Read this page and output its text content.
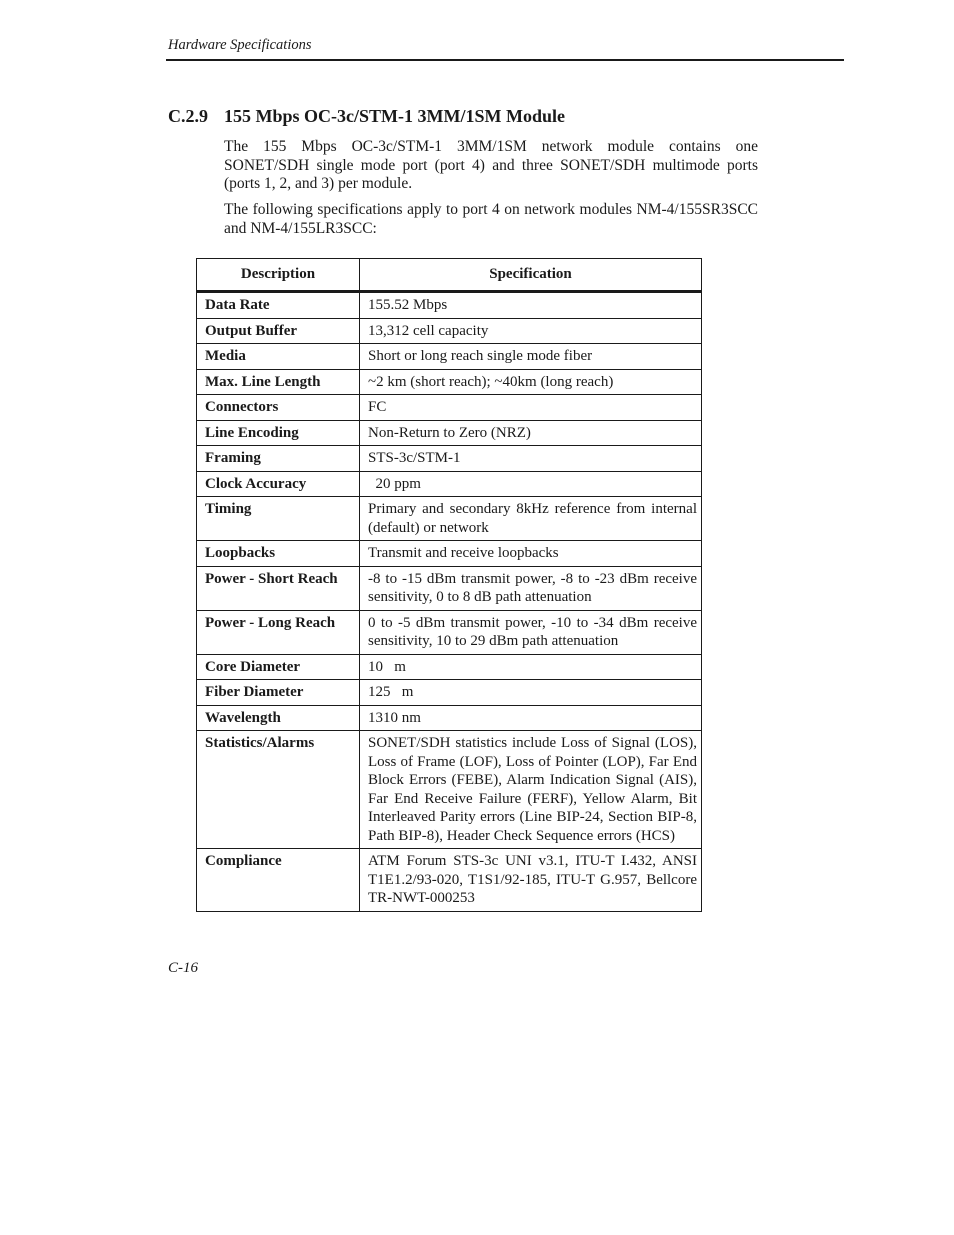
Hardware Specifications
C.2.9 155 Mbps OC-3c/STM-1 3MM/1SM Module

The 155 Mbps OC-3c/STM-1 3MM/1SM network module contains one SONET/SDH single mode port (port 4) and three SONET/SDH multimode ports (ports 1, 2, and 3) per module.

The following specifications apply to port 4 on network modules NM-4/155SR3SCC and NM-4/155LR3SCC:

Description	Specification
Data Rate	155.52 Mbps
Output Buffer	13,312 cell capacity
Media	Short or long reach single mode fiber
Max. Line Length	~2 km (short reach); ~40km (long reach)
Connectors	FC
Line Encoding	Non-Return to Zero (NRZ)
Framing	STS-3c/STM-1
Clock Accuracy	20 ppm
Timing	Primary and secondary 8kHz reference from internal (default) or network
Loopbacks	Transmit and receive loopbacks
Power - Short Reach	-8 to -15 dBm transmit power, -8 to -23 dBm receive sensitivity, 0 to 8 dB path attenuation
Power - Long Reach	0 to -5 dBm transmit power, -10 to -34 dBm receive sensitivity, 10 to 29 dBm path attenuation
Core Diameter	10   m
Fiber Diameter	125   m
Wavelength	1310 nm
Statistics/Alarms	SONET/SDH statistics include Loss of Signal (LOS), Loss of Frame (LOF), Loss of Pointer (LOP), Far End Block Errors (FEBE), Alarm Indication Signal (AIS), Far End Receive Failure (FERF), Yellow Alarm, Bit Interleaved Parity errors (Line BIP-24, Section BIP-8, Path BIP-8), Header Check Sequence errors (HCS)
Compliance	ATM Forum STS-3c UNI v3.1, ITU-T I.432, ANSI T1E1.2/93-020, T1S1/92-185, ITU-T G.957, Bellcore TR-NWT-000253
C-16
